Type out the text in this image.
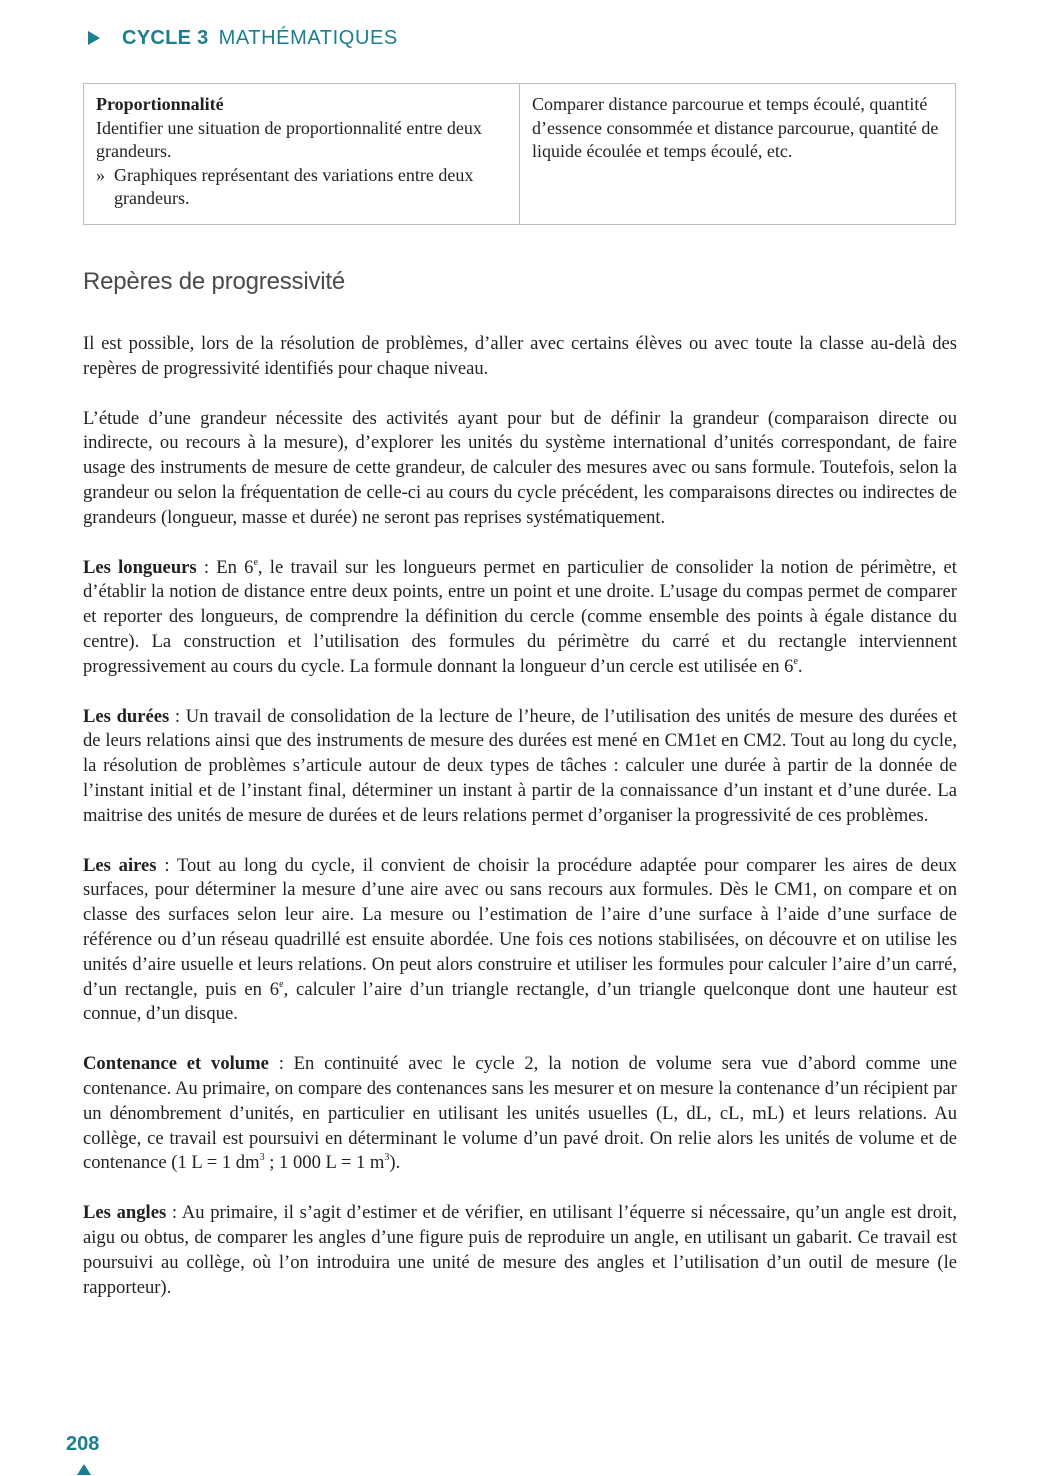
CYCLE 3 MATHÉMATIQUES
Proportionnalité
Identifier une situation de proportionnalité entre deux grandeurs.
» Graphiques représentant des variations entre deux grandeurs.
Comparer distance parcourue et temps écoulé, quantité d’essence consommée et distance parcourue, quantité de liquide écoulée et temps écoulé, etc.
Repères de progressivité

Il est possible, lors de la résolution de problèmes, d’aller avec certains élèves ou avec toute la classe au-delà des repères de progressivité identifiés pour chaque niveau.

L’étude d’une grandeur nécessite des activités ayant pour but de définir la grandeur (comparaison directe ou indirecte, ou recours à la mesure), d’explorer les unités du système international d’unités correspondant, de faire usage des instruments de mesure de cette grandeur, de calculer des mesures avec ou sans formule. Toutefois, selon la grandeur ou selon la fréquentation de celle-ci au cours du cycle précédent, les comparaisons directes ou indirectes de grandeurs (longueur, masse et durée) ne seront pas reprises systématiquement.

Les longueurs : En 6e, le travail sur les longueurs permet en particulier de consolider la notion de périmètre, et d’établir la notion de distance entre deux points, entre un point et une droite. L’usage du compas permet de comparer et reporter des longueurs, de comprendre la définition du cercle (comme ensemble des points à égale distance du centre). La construction et l’utilisation des formules du périmètre du carré et du rectangle interviennent progressivement au cours du cycle. La formule donnant la longueur d’un cercle est utilisée en 6e.

Les durées : Un travail de consolidation de la lecture de l’heure, de l’utilisation des unités de mesure des durées et de leurs relations ainsi que des instruments de mesure des durées est mené en CM1et en CM2. Tout au long du cycle, la résolution de problèmes s’articule autour de deux types de tâches : calculer une durée à partir de la donnée de l’instant initial et de l’instant final, déterminer un instant à partir de la connaissance d’un instant et d’une durée. La maitrise des unités de mesure de durées et de leurs relations permet d’organiser la progressivité de ces problèmes.

Les aires : Tout au long du cycle, il convient de choisir la procédure adaptée pour comparer les aires de deux surfaces, pour déterminer la mesure d’une aire avec ou sans recours aux formules. Dès le CM1, on compare et on classe des surfaces selon leur aire. La mesure ou l’estimation de l’aire d’une surface à l’aide d’une surface de référence ou d’un réseau quadrillé est ensuite abordée. Une fois ces notions stabilisées, on découvre et on utilise les unités d’aire usuelle et leurs relations. On peut alors construire et utiliser les formules pour calculer l’aire d’un carré, d’un rectangle, puis en 6e, calculer l’aire d’un triangle rectangle, d’un triangle quelconque dont une hauteur est connue, d’un disque.

Contenance et volume : En continuité avec le cycle 2, la notion de volume sera vue d’abord comme une contenance. Au primaire, on compare des contenances sans les mesurer et on mesure la contenance d’un récipient par un dénombrement d’unités, en particulier en utilisant les unités usuelles (L, dL, cL, mL) et leurs relations. Au collège, ce travail est poursuivi en déterminant le volume d’un pavé droit. On relie alors les unités de volume et de contenance (1 L = 1 $dm^3$ ; 1 000 L = 1 $m^3$).

Les angles : Au primaire, il s’agit d’estimer et de vérifier, en utilisant l’équerre si nécessaire, qu’un angle est droit, aigu ou obtus, de comparer les angles d’une figure puis de reproduire un angle, en utilisant un gabarit. Ce travail est poursuivi au collège, où l’on introduira une unité de mesure des angles et l’utilisation d’un outil de mesure (le rapporteur).

208
